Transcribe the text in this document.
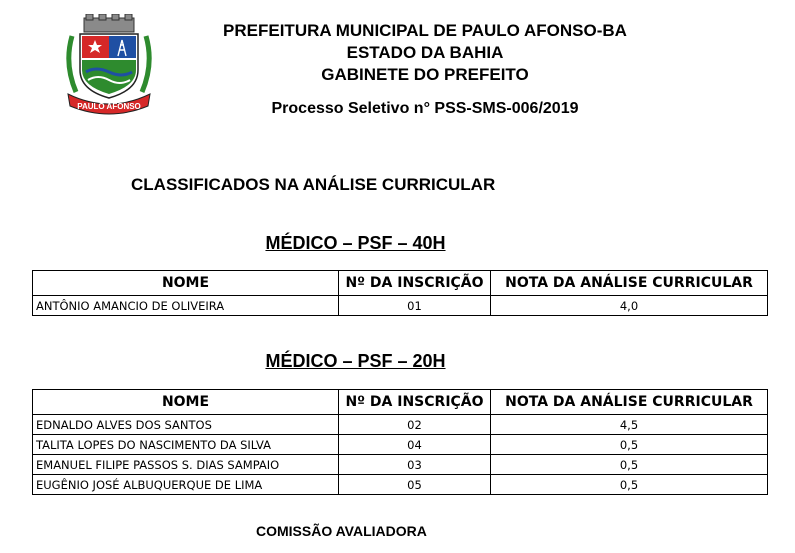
PAULO AFONSO
PREFEITURA MUNICIPAL DE PAULO AFONSO-BA
ESTADO DA BAHIA
GABINETE DO PREFEITO
Processo Seletivo n° PSS-SMS-006/2019
CLASSIFICADOS NA ANÁLISE CURRICULAR
MÉDICO – PSF – 40H
NOME	Nº DA INSCRIÇÃO	NOTA DA ANÁLISE CURRICULAR
ANTÔNIO AMANCIO DE OLIVEIRA	01	4,0
MÉDICO – PSF – 20H
NOME	Nº DA INSCRIÇÃO	NOTA DA ANÁLISE CURRICULAR
EDNALDO ALVES DOS SANTOS	02	4,5
TALITA LOPES DO NASCIMENTO DA SILVA	04	0,5
EMANUEL FILIPE PASSOS S. DIAS SAMPAIO	03	0,5
EUGÊNIO JOSÉ ALBUQUERQUE DE LIMA	05	0,5
COMISSÃO AVALIADORA
